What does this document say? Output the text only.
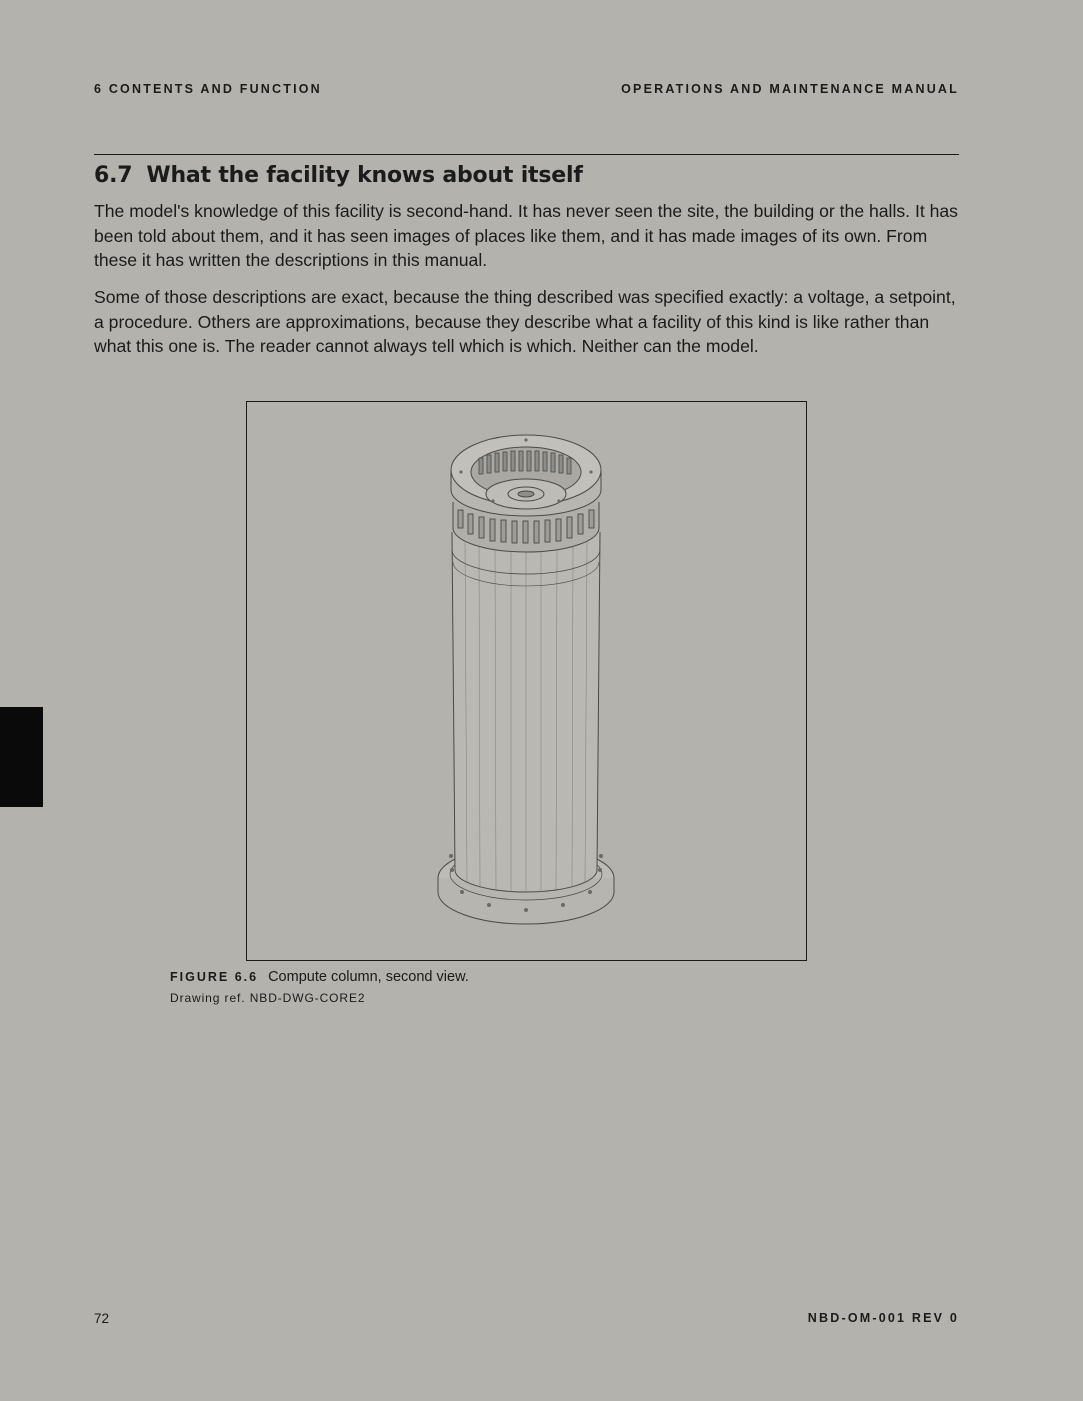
6 CONTENTS AND FUNCTION	OPERATIONS AND MAINTENANCE MANUAL
6.7 What the facility knows about itself

The model's knowledge of this facility is second-hand. It has never seen the site, the building or the halls. It has been told about them, and it has seen images of places like them, and it has made images of its own. From these it has written the descriptions in this manual.

Some of those descriptions are exact, because the thing described was specified exactly: a voltage, a setpoint, a procedure. Others are approximations, because they describe what a facility of this kind is like rather than what this one is. The reader cannot always tell which is which. Neither can the model.

FIGURE 6.6 Compute column, second view.
Drawing ref. NBD-DWG-CORE2
72	NBD-OM-001 REV 0
